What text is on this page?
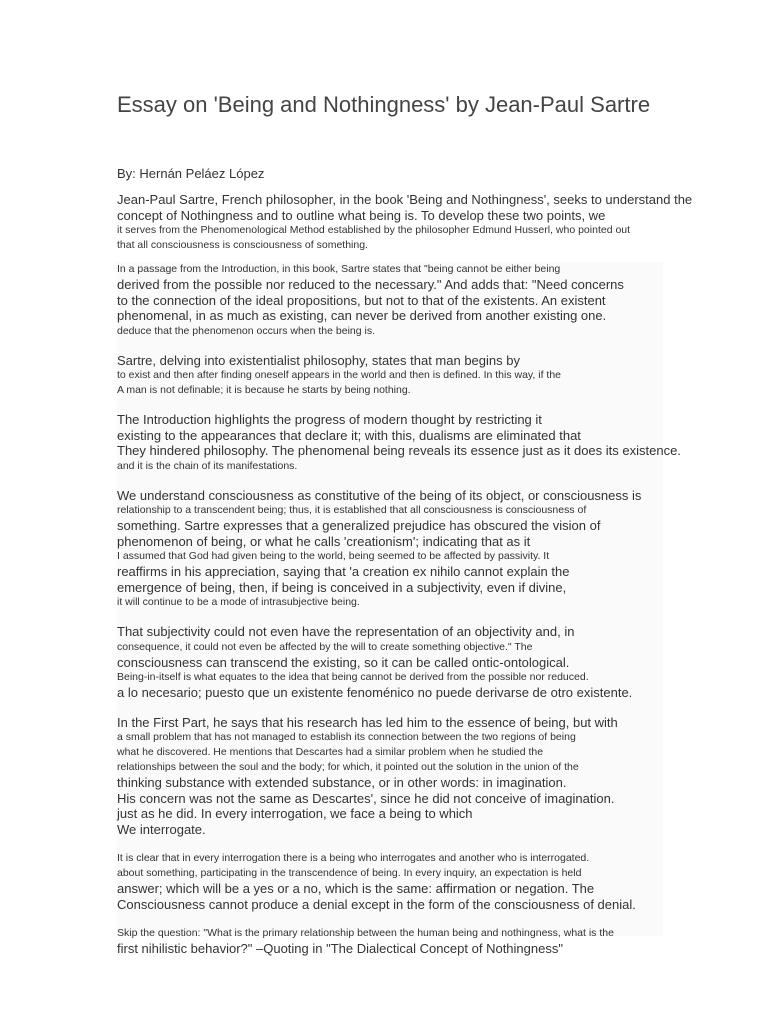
Essay on 'Being and Nothingness' by Jean-Paul Sartre
By: Hernán Peláez López
Jean-Paul Sartre, French philosopher, in the book 'Being and Nothingness', seeks to understand the
concept of Nothingness and to outline what being is. To develop these two points, we
it serves from the Phenomenological Method established by the philosopher Edmund Husserl, who pointed out
that all consciousness is consciousness of something.
In a passage from the Introduction, in this book, Sartre states that "being cannot be either being
derived from the possible nor reduced to the necessary." And adds that: "Need concerns
to the connection of the ideal propositions, but not to that of the existents. An existent
phenomenal, in as much as existing, can never be derived from another existing one.
deduce that the phenomenon occurs when the being is.
Sartre, delving into existentialist philosophy, states that man begins by
to exist and then after finding oneself appears in the world and then is defined. In this way, if the
A man is not definable; it is because he starts by being nothing.
The Introduction highlights the progress of modern thought by restricting it
existing to the appearances that declare it; with this, dualisms are eliminated that
They hindered philosophy. The phenomenal being reveals its essence just as it does its existence.
and it is the chain of its manifestations.
We understand consciousness as constitutive of the being of its object, or consciousness is
relationship to a transcendent being; thus, it is established that all consciousness is consciousness of
something. Sartre expresses that a generalized prejudice has obscured the vision of
phenomenon of being, or what he calls 'creationism'; indicating that as it
I assumed that God had given being to the world, being seemed to be affected by passivity. It
reaffirms in his appreciation, saying that 'a creation ex nihilo cannot explain the
emergence of being, then, if being is conceived in a subjectivity, even if divine,
it will continue to be a mode of intrasubjective being.
That subjectivity could not even have the representation of an objectivity and, in
consequence, it could not even be affected by the will to create something objective." The
consciousness can transcend the existing, so it can be called ontic-ontological.
Being-in-itself is what equates to the idea that being cannot be derived from the possible nor reduced.
a lo necesario; puesto que un existente fenoménico no puede derivarse de otro existente.
In the First Part, he says that his research has led him to the essence of being, but with
a small problem that has not managed to establish its connection between the two regions of being
what he discovered. He mentions that Descartes had a similar problem when he studied the
relationships between the soul and the body; for which, it pointed out the solution in the union of the
thinking substance with extended substance, or in other words: in imagination.
His concern was not the same as Descartes', since he did not conceive of imagination.
just as he did. In every interrogation, we face a being to which
We interrogate.
It is clear that in every interrogation there is a being who interrogates and another who is interrogated.
about something, participating in the transcendence of being. In every inquiry, an expectation is held
answer; which will be a yes or a no, which is the same: affirmation or negation. The
Consciousness cannot produce a denial except in the form of the consciousness of denial.
Skip the question: "What is the primary relationship between the human being and nothingness, what is the
first nihilistic behavior?" –Quoting in "The Dialectical Concept of Nothingness"
